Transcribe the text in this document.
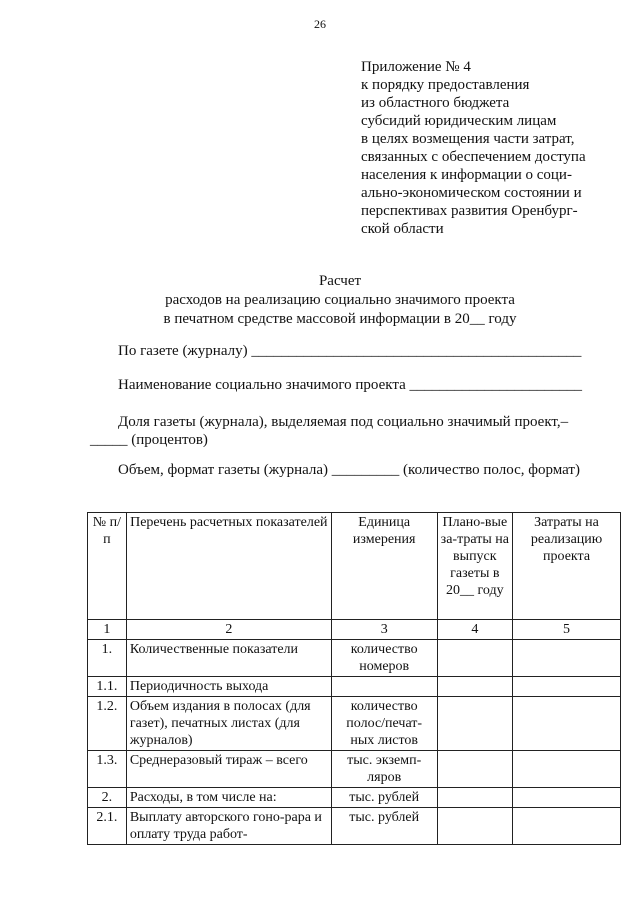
26
Приложение № 4
к порядку предоставления
из областного бюджета
субсидий юридическим лицам
в целях возмещения части затрат,
связанных с обеспечением доступа
населения к информации о соци-
ально-экономическом состоянии и
перспективах развития Оренбург-
ской области
Расчет
расходов на реализацию социально значимого проекта
в печатном средстве массовой информации в 20__ году
По газете (журналу) ____________________________________________
Наименование социально значимого проекта _______________________
Доля газеты (журнала), выделяемая под социально значимый проект,–
_____ (процентов)
Объем, формат газеты (журнала) _________ (количество полос, формат)
№ п/п	Перечень расчетных показателей	Единица измерения	Плано-вые за-траты на выпуск газеты в 20__ году	Затраты на реализацию проекта
1	2	3	4	5
1.	Количественные показатели	количество номеров		
1.1.	Периодичность выхода			
1.2.	Объем издания в полосах (для газет), печатных листах (для журналов)	количество полос/печат-ных листов		
1.3.	Среднеразовый тираж – всего	тыс. экземп-ляров		
2.	Расходы, в том числе на:	тыс. рублей		
2.1.	Выплату авторского гоно-рара и оплату труда работ-	тыс. рублей		
